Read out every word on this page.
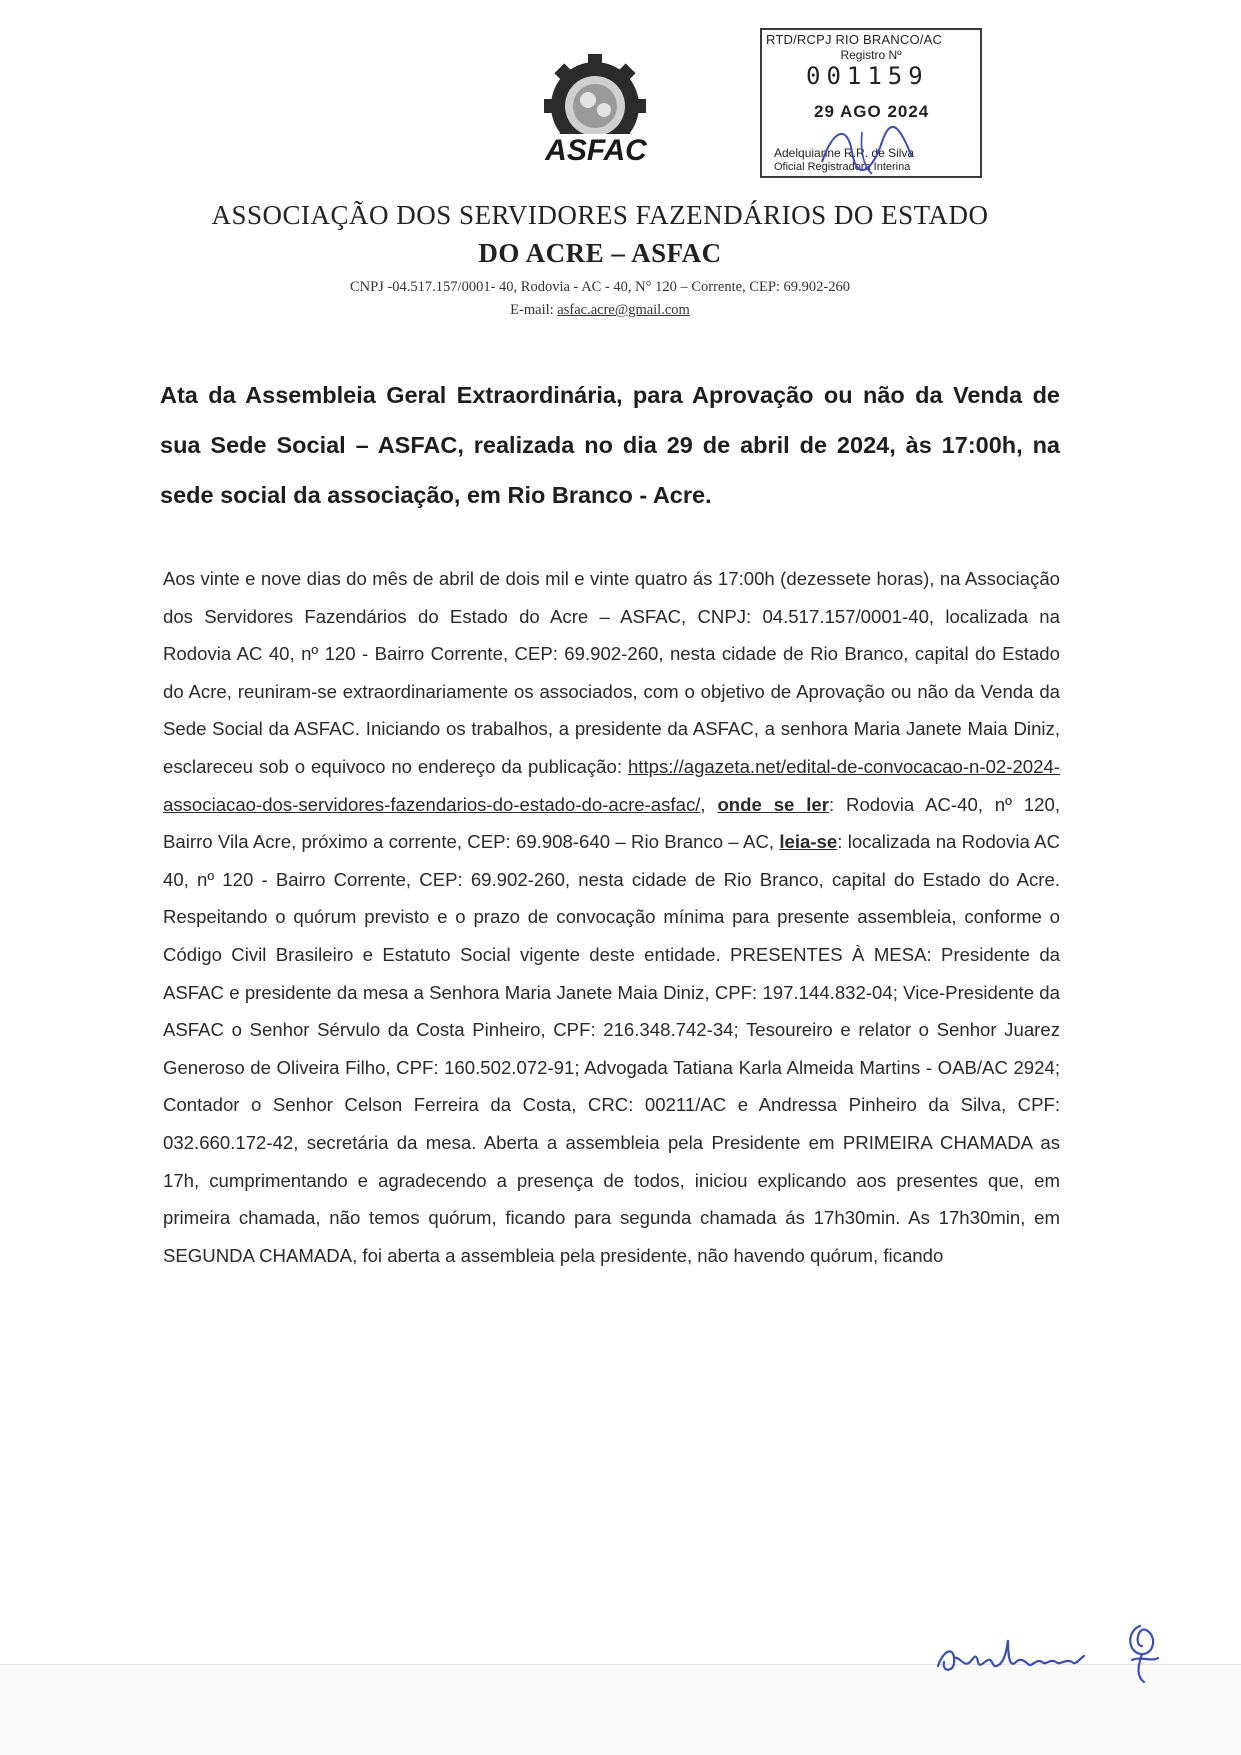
ASFAC
RTD/RCPJ RIO BRANCO/AC
Registro Nº
001159
29 AGO 2024
Adelquianne R.R. de Silva
Oficial Registradora Interina
ASSOCIAÇÃO DOS SERVIDORES FAZENDÁRIOS DO ESTADO
DO ACRE – ASFAC
CNPJ -04.517.157/0001- 40, Rodovia - AC - 40, N° 120 – Corrente, CEP: 69.902-260
E-mail: asfac.acre@gmail.com
Ata da Assembleia Geral Extraordinária, para Aprovação ou não da Venda de sua Sede Social – ASFAC, realizada no dia 29 de abril de 2024, às 17:00h, na sede social da associação, em Rio Branco - Acre.
Aos vinte e nove dias do mês de abril de dois mil e vinte quatro ás 17:00h (dezessete horas), na Associação dos Servidores Fazendários do Estado do Acre – ASFAC, CNPJ: 04.517.157/0001-40, localizada na Rodovia AC 40, nº 120 - Bairro Corrente, CEP: 69.902-260, nesta cidade de Rio Branco, capital do Estado do Acre, reuniram-se extraordinariamente os associados, com o objetivo de Aprovação ou não da Venda da Sede Social da ASFAC. Iniciando os trabalhos, a presidente da ASFAC, a senhora Maria Janete Maia Diniz, esclareceu sob o equivoco no endereço da publicação: https://agazeta.net/edital-de-convocacao-n-02-2024-associacao-dos-servidores-fazendarios-do-estado-do-acre-asfac/, onde se ler: Rodovia AC-40, nº 120, Bairro Vila Acre, próximo a corrente, CEP: 69.908-640 – Rio Branco – AC, leia-se: localizada na Rodovia AC 40, nº 120 - Bairro Corrente, CEP: 69.902-260, nesta cidade de Rio Branco, capital do Estado do Acre. Respeitando o quórum previsto e o prazo de convocação mínima para presente assembleia, conforme o Código Civil Brasileiro e Estatuto Social vigente deste entidade. PRESENTES À MESA: Presidente da ASFAC e presidente da mesa a Senhora Maria Janete Maia Diniz, CPF: 197.144.832-04; Vice-Presidente da ASFAC o Senhor Sérvulo da Costa Pinheiro, CPF: 216.348.742-34; Tesoureiro e relator o Senhor Juarez Generoso de Oliveira Filho, CPF: 160.502.072-91; Advogada Tatiana Karla Almeida Martins - OAB/AC 2924; Contador o Senhor Celson Ferreira da Costa, CRC: 00211/AC e Andressa Pinheiro da Silva, CPF: 032.660.172-42, secretária da mesa. Aberta a assembleia pela Presidente em PRIMEIRA CHAMADA as 17h, cumprimentando e agradecendo a presença de todos, iniciou explicando aos presentes que, em primeira chamada, não temos quórum, ficando para segunda chamada ás 17h30min. As 17h30min, em SEGUNDA CHAMADA, foi aberta a assembleia pela presidente, não havendo quórum, ficando
